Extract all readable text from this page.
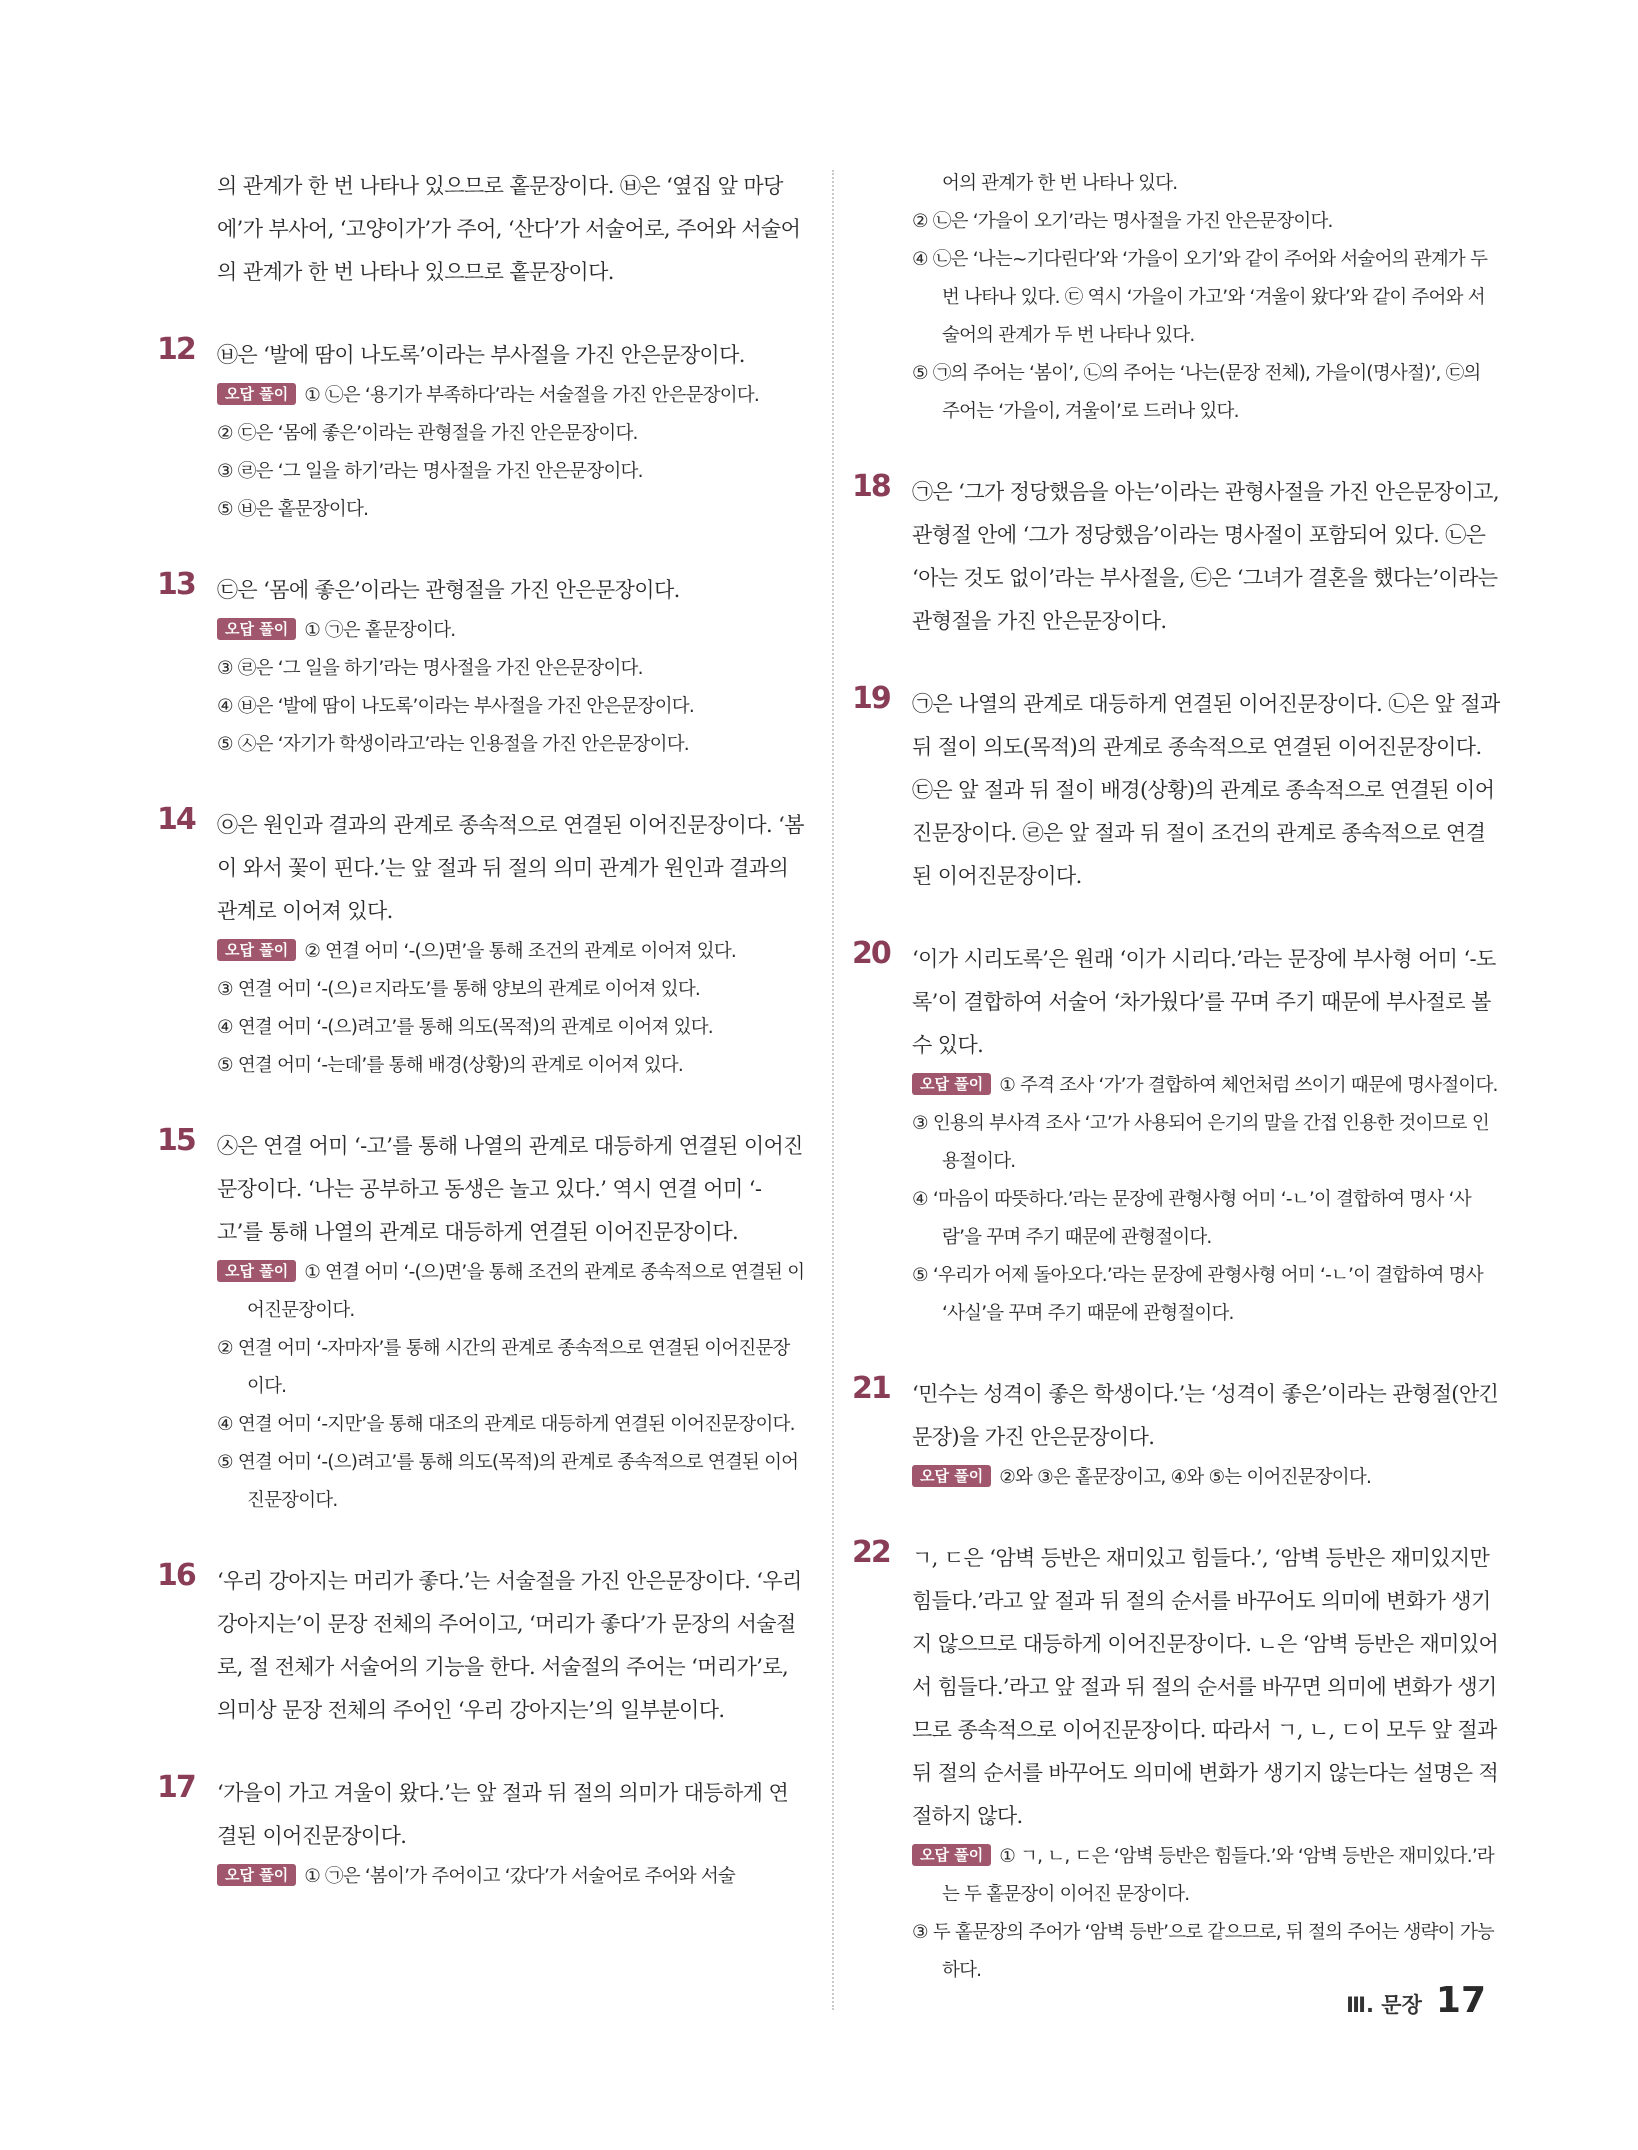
의 관계가 한 번 나타나 있으므로 홑문장이다. ㉥은 ‘옆집 앞 마당에’가 부사어, ‘고양이가’가 주어, ‘산다’가 서술어로, 주어와 서술어의 관계가 한 번 나타나 있으므로 홑문장이다.
12 ㉥은 ‘발에 땀이 나도록’이라는 부사절을 가진 안은문장이다.
오답 풀이 ① ㉡은 ‘용기가 부족하다’라는 서술절을 가진 안은문장이다.
② ㉢은 ‘몸에 좋은’이라는 관형절을 가진 안은문장이다.
③ ㉣은 ‘그 일을 하기’라는 명사절을 가진 안은문장이다.
⑤ ㉥은 홑문장이다.
13 ㉢은 ‘몸에 좋은’이라는 관형절을 가진 안은문장이다.
오답 풀이 ① ㉠은 홑문장이다.
③ ㉣은 ‘그 일을 하기’라는 명사절을 가진 안은문장이다.
④ ㉥은 ‘발에 땀이 나도록’이라는 부사절을 가진 안은문장이다.
⑤ ㉦은 ‘자기가 학생이라고’라는 인용절을 가진 안은문장이다.
14 ㉧은 원인과 결과의 관계로 종속적으로 연결된 이어진문장이다. ‘봄이 와서 꽃이 핀다.’는 앞 절과 뒤 절의 의미 관계가 원인과 결과의 관계로 이어져 있다.
오답 풀이 ② 연결 어미 ‘-(으)면’을 통해 조건의 관계로 이어져 있다.
③ 연결 어미 ‘-(으)ㄹ지라도’를 통해 양보의 관계로 이어져 있다.
④ 연결 어미 ‘-(으)려고’를 통해 의도(목적)의 관계로 이어져 있다.
⑤ 연결 어미 ‘-는데’를 통해 배경(상황)의 관계로 이어져 있다.
15 ㉦은 연결 어미 ‘-고’를 통해 나열의 관계로 대등하게 연결된 이어진문장이다. ‘나는 공부하고 동생은 놀고 있다.’ 역시 연결 어미 ‘-고’를 통해 나열의 관계로 대등하게 연결된 이어진문장이다.
오답 풀이 ① 연결 어미 ‘-(으)면’을 통해 조건의 관계로 종속적으로 연결된 이어진문장이다.
② 연결 어미 ‘-자마자’를 통해 시간의 관계로 종속적으로 연결된 이어진문장이다.
④ 연결 어미 ‘-지만’을 통해 대조의 관계로 대등하게 연결된 이어진문장이다.
⑤ 연결 어미 ‘-(으)려고’를 통해 의도(목적)의 관계로 종속적으로 연결된 이어진문장이다.
16 ‘우리 강아지는 머리가 좋다.’는 서술절을 가진 안은문장이다. ‘우리 강아지는’이 문장 전체의 주어이고, ‘머리가 좋다’가 문장의 서술절로, 절 전체가 서술어의 기능을 한다. 서술절의 주어는 ‘머리가’로, 의미상 문장 전체의 주어인 ‘우리 강아지는’의 일부분이다.
17 ‘가을이 가고 겨울이 왔다.’는 앞 절과 뒤 절의 의미가 대등하게 연결된 이어진문장이다.
오답 풀이 ① ㉠은 ‘봄이’가 주어이고 ‘갔다’가 서술어로 주어와 서술
어의 관계가 한 번 나타나 있다.
② ㉡은 ‘가을이 오기’라는 명사절을 가진 안은문장이다.
④ ㉡은 ‘나는~기다린다’와 ‘가을이 오기’와 같이 주어와 서술어의 관계가 두 번 나타나 있다. ㉢ 역시 ‘가을이 가고’와 ‘겨울이 왔다’와 같이 주어와 서술어의 관계가 두 번 나타나 있다.
⑤ ㉠의 주어는 ‘봄이’, ㉡의 주어는 ‘나는(문장 전체), 가을이(명사절)’, ㉢의 주어는 ‘가을이, 겨울이’로 드러나 있다.
18 ㉠은 ‘그가 정당했음을 아는’이라는 관형사절을 가진 안은문장이고, 관형절 안에 ‘그가 정당했음’이라는 명사절이 포함되어 있다. ㉡은 ‘아는 것도 없이’라는 부사절을, ㉢은 ‘그녀가 결혼을 했다는’이라는 관형절을 가진 안은문장이다.
19 ㉠은 나열의 관계로 대등하게 연결된 이어진문장이다. ㉡은 앞 절과 뒤 절이 의도(목적)의 관계로 종속적으로 연결된 이어진문장이다. ㉢은 앞 절과 뒤 절이 배경(상황)의 관계로 종속적으로 연결된 이어진문장이다. ㉣은 앞 절과 뒤 절이 조건의 관계로 종속적으로 연결된 이어진문장이다.
20 ‘이가 시리도록’은 원래 ‘이가 시리다.’라는 문장에 부사형 어미 ‘-도록’이 결합하여 서술어 ‘차가웠다’를 꾸며 주기 때문에 부사절로 볼 수 있다.
오답 풀이 ① 주격 조사 ‘가’가 결합하여 체언처럼 쓰이기 때문에 명사절이다.
③ 인용의 부사격 조사 ‘고’가 사용되어 은기의 말을 간접 인용한 것이므로 인용절이다.
④ ‘마음이 따뜻하다.’라는 문장에 관형사형 어미 ‘-ㄴ’이 결합하여 명사 ‘사람’을 꾸며 주기 때문에 관형절이다.
⑤ ‘우리가 어제 돌아오다.’라는 문장에 관형사형 어미 ‘-ㄴ’이 결합하여 명사 ‘사실’을 꾸며 주기 때문에 관형절이다.
21 ‘민수는 성격이 좋은 학생이다.’는 ‘성격이 좋은’이라는 관형절(안긴문장)을 가진 안은문장이다.
오답 풀이 ②와 ③은 홑문장이고, ④와 ⑤는 이어진문장이다.
22 ㄱ, ㄷ은 ‘암벽 등반은 재미있고 힘들다.’, ‘암벽 등반은 재미있지만 힘들다.’라고 앞 절과 뒤 절의 순서를 바꾸어도 의미에 변화가 생기지 않으므로 대등하게 이어진문장이다. ㄴ은 ‘암벽 등반은 재미있어서 힘들다.’라고 앞 절과 뒤 절의 순서를 바꾸면 의미에 변화가 생기므로 종속적으로 이어진문장이다. 따라서 ㄱ, ㄴ, ㄷ이 모두 앞 절과 뒤 절의 순서를 바꾸어도 의미에 변화가 생기지 않는다는 설명은 적절하지 않다.
오답 풀이 ① ㄱ, ㄴ, ㄷ은 ‘암벽 등반은 힘들다.’와 ‘암벽 등반은 재미있다.’라는 두 홑문장이 이어진 문장이다.
③ 두 홑문장의 주어가 ‘암벽 등반’으로 같으므로, 뒤 절의 주어는 생략이 가능하다.
Ⅲ. 문장 17
